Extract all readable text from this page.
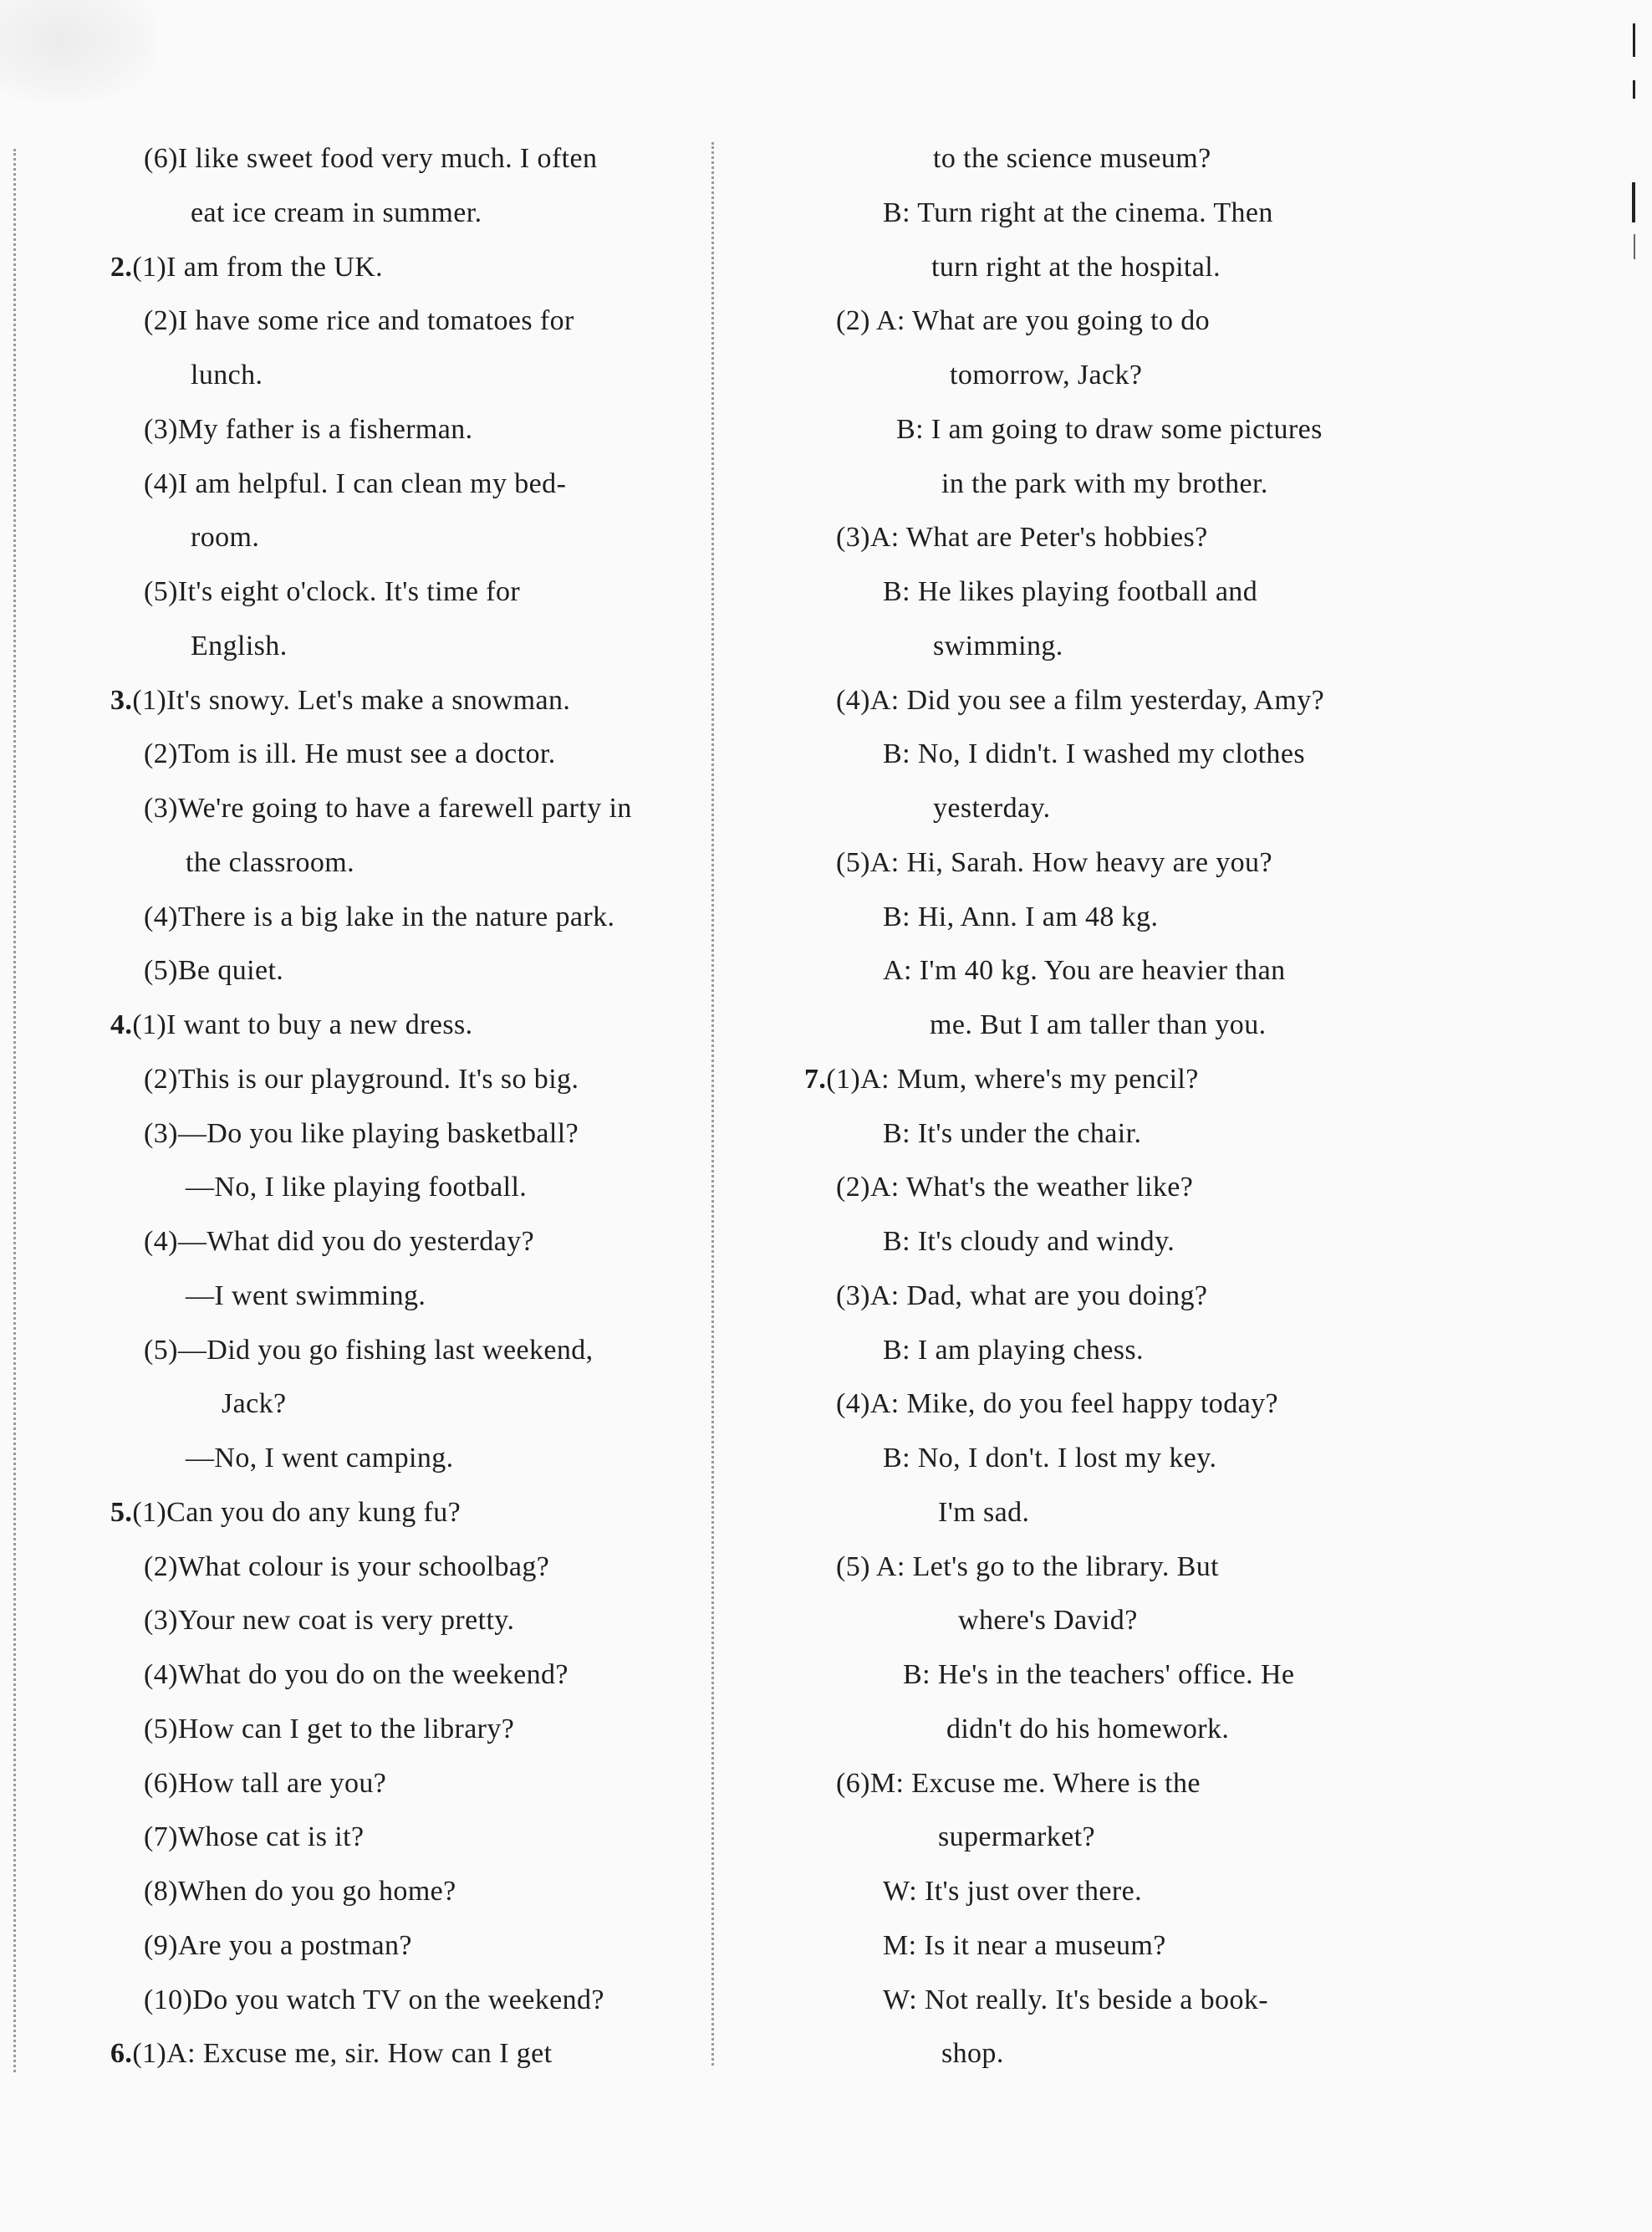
(6)I like sweet food very much. I often
eat ice cream in summer.
2.(1)I am from the UK.
(2)I have some rice and tomatoes for
lunch.
(3)My father is a fisherman.
(4)I am helpful. I can clean my bed-
room.
(5)It's eight o'clock. It's time for
English.
3.(1)It's snowy. Let's make a snowman.
(2)Tom is ill. He must see a doctor.
(3)We're going to have a farewell party in
the classroom.
(4)There is a big lake in the nature park.
(5)Be quiet.
4.(1)I want to buy a new dress.
(2)This is our playground. It's so big.
(3)—Do you like playing basketball?
—No, I like playing football.
(4)—What did you do yesterday?
—I went swimming.
(5)—Did you go fishing last weekend,
Jack?
—No, I went camping.
5.(1)Can you do any kung fu?
(2)What colour is your schoolbag?
(3)Your new coat is very pretty.
(4)What do you do on the weekend?
(5)How can I get to the library?
(6)How tall are you?
(7)Whose cat is it?
(8)When do you go home?
(9)Are you a postman?
(10)Do you watch TV on the weekend?
6.(1)A: Excuse me, sir. How can I get
to the science museum?
B: Turn right at the cinema. Then
turn right at the hospital.
(2) A: What are you going to do
tomorrow, Jack?
B: I am going to draw some pictures
in the park with my brother.
(3)A: What are Peter's hobbies?
B: He likes playing football and
swimming.
(4)A: Did you see a film yesterday, Amy?
B: No, I didn't. I washed my clothes
yesterday.
(5)A: Hi, Sarah. How heavy are you?
B: Hi, Ann. I am 48 kg.
A: I'm 40 kg. You are heavier than
me. But I am taller than you.
7.(1)A: Mum, where's my pencil?
B: It's under the chair.
(2)A: What's the weather like?
B: It's cloudy and windy.
(3)A: Dad, what are you doing?
B: I am playing chess.
(4)A: Mike, do you feel happy today?
B: No, I don't. I lost my key.
I'm sad.
(5) A: Let's go to the library. But
where's David?
B: He's in the teachers' office. He
didn't do his homework.
(6)M: Excuse me. Where is the
supermarket?
W: It's just over there.
M: Is it near a museum?
W: Not really. It's beside a book-
shop.
